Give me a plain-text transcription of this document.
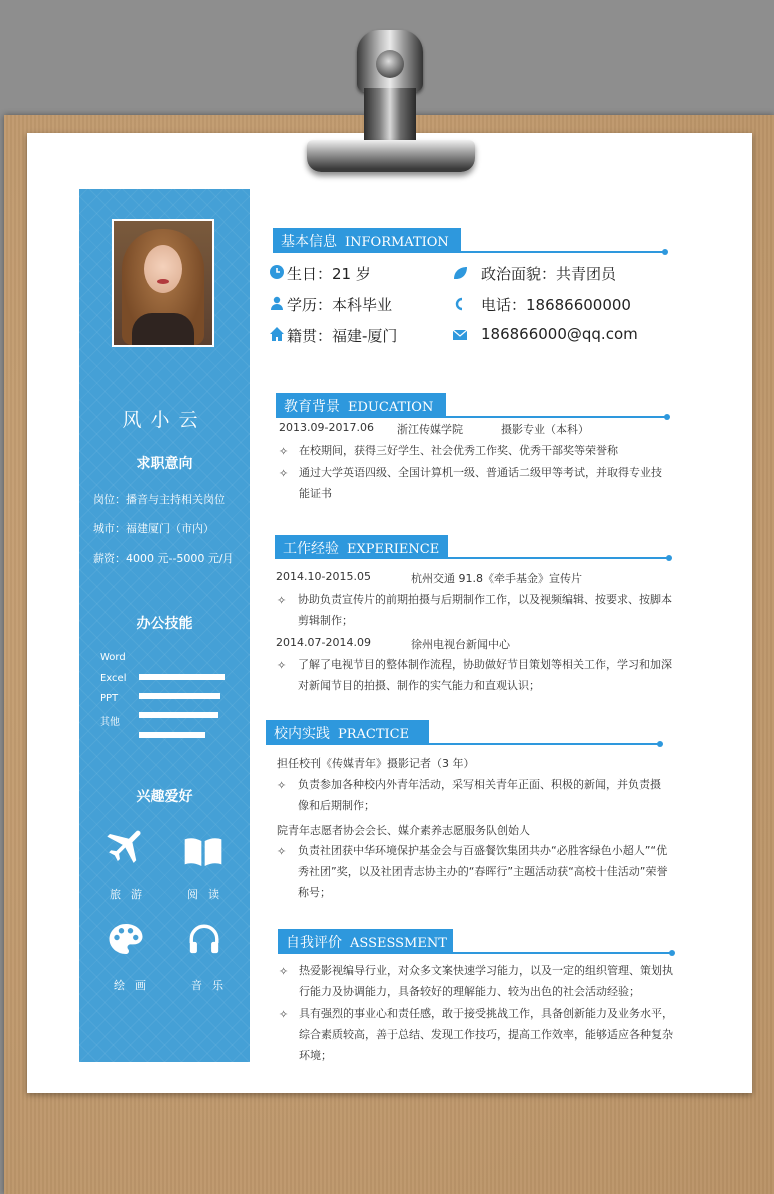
风小云
求职意向
岗位：播音与主持相关岗位
城市：福建厦门（市内）
薪资：4000 元--5000 元/月
办公技能
Word
Excel
PPT
其他
兴趣爱好
旅游	阅读
绘画	音乐
基本信息 INFORMATION
生日：21 岁	政治面貌：共青团员
学历：本科毕业	电话：18686600000
籍贯：福建-厦门	186866000@qq.com
教育背景 EDUCATION
2013.09-2017.06 浙江传媒学院	摄影专业（本科）
✧ 在校期间，获得三好学生、社会优秀工作奖、优秀干部奖等荣誉称
✧ 通过大学英语四级、全国计算机一级、普通话二级甲等考试，并取得专业技能证书
工作经验 EXPERIENCE
2014.10-2015.05	杭州交通 91.8《牵手基金》宣传片
✧ 协助负责宣传片的前期拍摄与后期制作工作，以及视频编辑、按要求、按脚本剪辑制作；
2014.07-2014.09	徐州电视台新闻中心
✧ 了解了电视节目的整体制作流程，协助做好节目策划等相关工作，学习和加深对新闻节目的拍摄、制作的实气能力和直观认识；
校内实践 PRACTICE
担任校刊《传媒青年》摄影记者（3 年）
✧ 负责参加各种校内外青年活动，采写相关青年正面、积极的新闻，并负责摄像和后期制作；
院青年志愿者协会会长、媒介素养志愿服务队创始人
✧ 负责社团获中华环境保护基金会与百盛餐饮集团共办“必胜客绿色小超人”“优秀社团”奖，以及社团青志协主办的“春晖行”主题活动获“高校十佳活动”荣誉称号；
自我评价 ASSESSMENT
✧ 热爱影视编导行业，对众多文案快速学习能力，以及一定的组织管理、策划执行能力及协调能力，具备较好的理解能力、较为出色的社会活动经验；
✧ 具有强烈的事业心和责任感，敢于接受挑战工作，具备创新能力及业务水平，综合素质较高，善于总结、发现工作技巧，提高工作效率，能够适应各种复杂环境；
